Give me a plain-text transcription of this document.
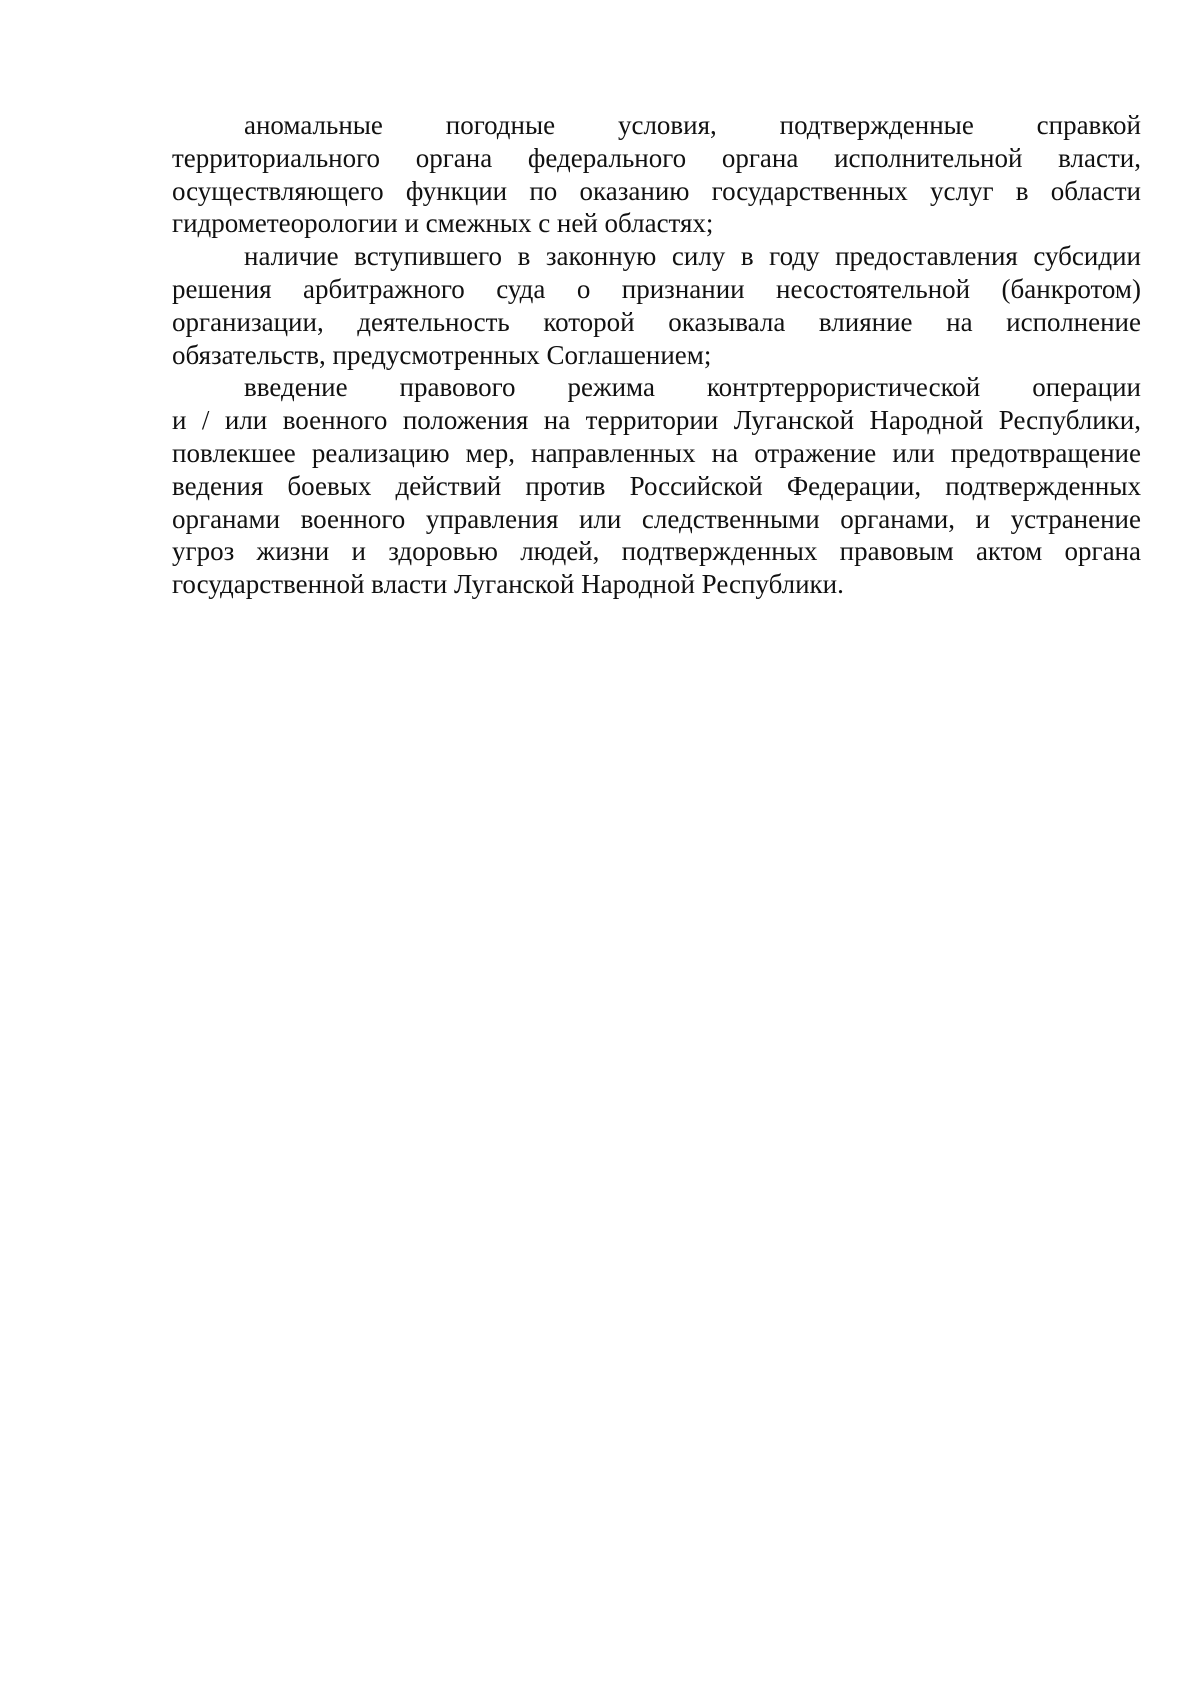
аномальные погодные условия, подтвержденные справкой
территориального органа федерального органа исполнительной власти,
осуществляющего функции по оказанию государственных услуг в области
гидрометеорологии и смежных с ней областях;
наличие вступившего в законную силу в году предоставления субсидии
решения арбитражного суда о признании несостоятельной (банкротом)
организации, деятельность которой оказывала влияние на исполнение
обязательств, предусмотренных Соглашением;
введение правового режима контртеррористической операции
и / или военного положения на территории Луганской Народной Республики,
повлекшее реализацию мер, направленных на отражение или предотвращение
ведения боевых действий против Российской Федерации, подтвержденных
органами военного управления или следственными органами, и устранение
угроз жизни и здоровью людей, подтвержденных правовым актом органа
государственной власти Луганской Народной Республики.
